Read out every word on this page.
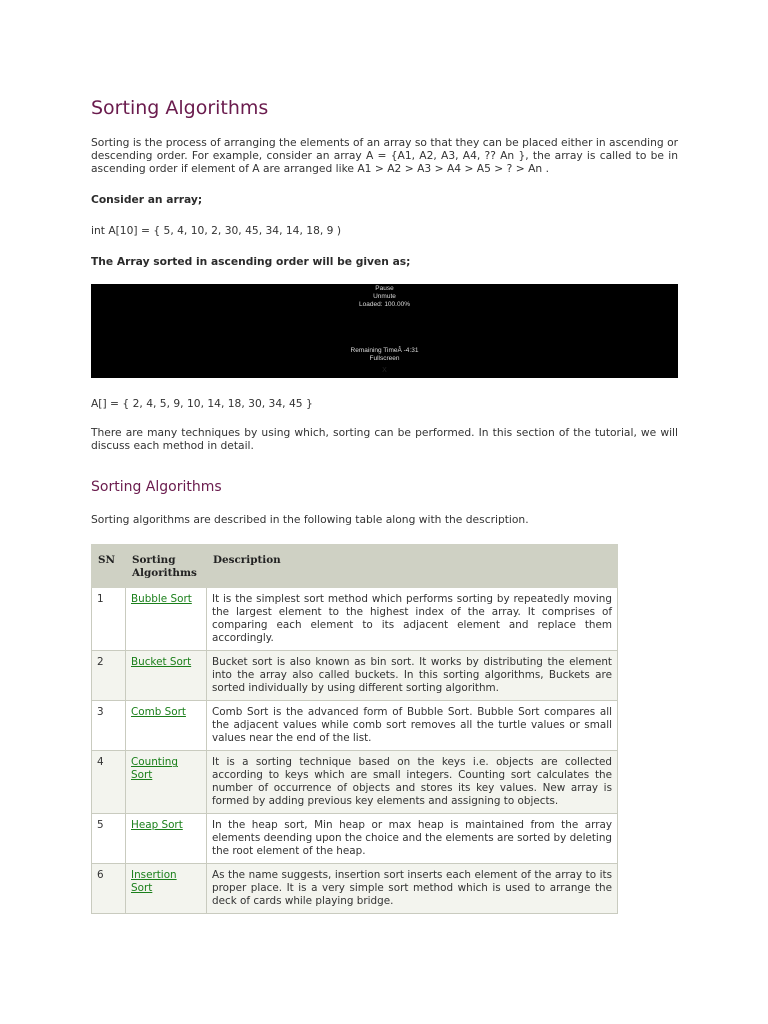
Sorting Algorithms

Sorting is the process of arranging the elements of an array so that they can be placed either in ascending or descending order. For example, consider an array A = {A1, A2, A3, A4, ?? An }, the array is called to be in ascending order if element of A are arranged like A1 > A2 > A3 > A4 > A5 > ? > An .

Consider an array;

int A[10] = { 5, 4, 10, 2, 30, 45, 34, 14, 18, 9 )

The Array sorted in ascending order will be given as;

Pause
Unmute
Loaded: 100.00%
Remaining TimeÂ -4:31
Fullscreen
X

A[] = { 2, 4, 5, 9, 10, 14, 18, 30, 34, 45 }

There are many techniques by using which, sorting can be performed. In this section of the tutorial, we will discuss each method in detail.

Sorting Algorithms

Sorting algorithms are described in the following table along with the description.

SN	Sorting Algorithms	Description
1	Bubble Sort	It is the simplest sort method which performs sorting by repeatedly moving the largest element to the highest index of the array. It comprises of comparing each element to its adjacent element and replace them accordingly.
2	Bucket Sort	Bucket sort is also known as bin sort. It works by distributing the element into the array also called buckets. In this sorting algorithms, Buckets are sorted individually by using different sorting algorithm.
3	Comb Sort	Comb Sort is the advanced form of Bubble Sort. Bubble Sort compares all the adjacent values while comb sort removes all the turtle values or small values near the end of the list.
4	Counting Sort	It is a sorting technique based on the keys i.e. objects are collected according to keys which are small integers. Counting sort calculates the number of occurrence of objects and stores its key values. New array is formed by adding previous key elements and assigning to objects.
5	Heap Sort	In the heap sort, Min heap or max heap is maintained from the array elements deending upon the choice and the elements are sorted by deleting the root element of the heap.
6	Insertion Sort	As the name suggests, insertion sort inserts each element of the array to its proper place. It is a very simple sort method which is used to arrange the deck of cards while playing bridge.
